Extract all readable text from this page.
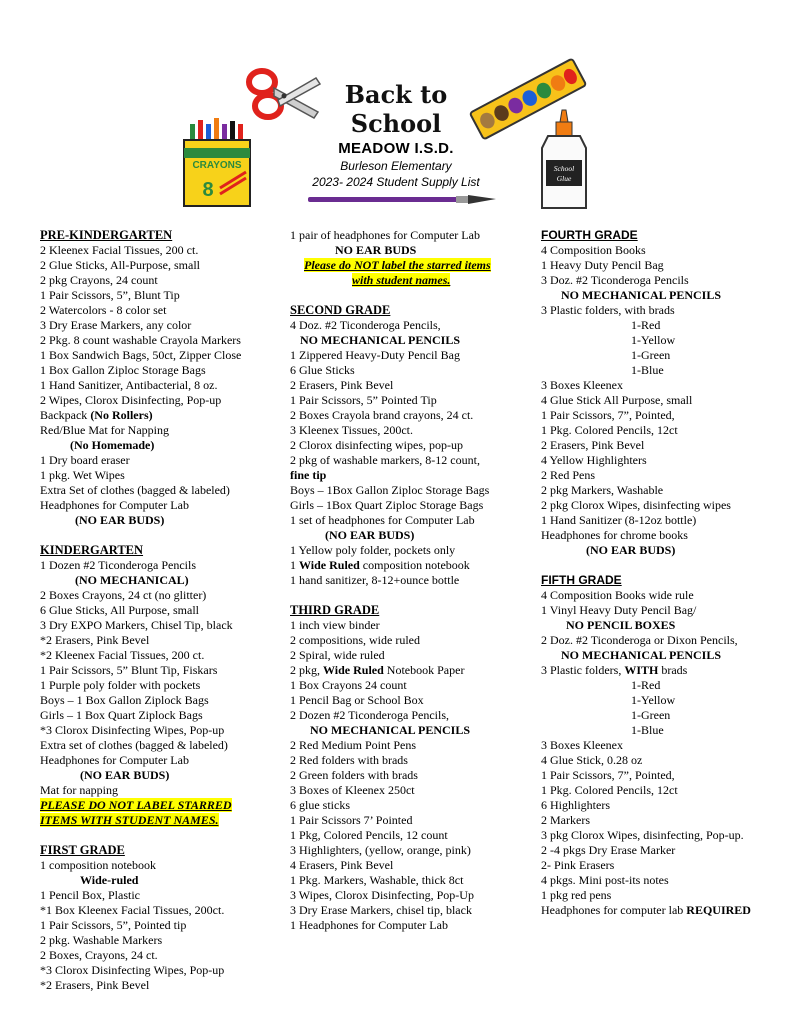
CRAYONS
8
School
Glue
Back to
School
MEADOW I.S.D.
Burleson Elementary
2023- 2024 Student Supply List
PRE-KINDERGARTEN
2 Kleenex Facial Tissues, 200 ct.
2 Glue Sticks, All-Purpose, small
2 pkg Crayons, 24 count
1 Pair Scissors, 5”, Blunt Tip
2 Watercolors - 8 color set
3 Dry Erase Markers, any color
2 Pkg. 8 count washable Crayola Markers
1 Box Sandwich Bags, 50ct, Zipper Close
1 Box Gallon Ziploc Storage Bags
1 Hand Sanitizer, Antibacterial, 8 oz.
2 Wipes, Clorox Disinfecting, Pop-up
Backpack (No Rollers)
Red/Blue Mat for Napping
(No Homemade)
1 Dry board eraser
1 pkg. Wet Wipes
Extra Set of clothes (bagged & labeled)
Headphones for Computer Lab
(NO EAR BUDS)
KINDERGARTEN
1 Dozen #2 Ticonderoga Pencils
(NO MECHANICAL)
2 Boxes Crayons, 24 ct (no glitter)
6 Glue Sticks, All Purpose, small
3 Dry EXPO Markers, Chisel Tip, black
*2 Erasers, Pink Bevel
*2 Kleenex Facial Tissues, 200 ct.
1 Pair Scissors, 5” Blunt Tip, Fiskars
1 Purple poly folder with pockets
Boys – 1 Box Gallon Ziplock Bags
Girls – 1 Box Quart Ziplock Bags
*3 Clorox Disinfecting Wipes, Pop-up
Extra set of clothes (bagged & labeled)
Headphones for Computer Lab
(NO EAR BUDS)
Mat for napping
PLEASE DO NOT LABEL STARRED
ITEMS WITH STUDENT NAMES.
FIRST GRADE
1 composition notebook
Wide-ruled
1 Pencil Box, Plastic
*1 Box Kleenex Facial Tissues, 200ct.
1 Pair Scissors, 5”, Pointed tip
2 pkg. Washable Markers
2 Boxes, Crayons, 24 ct.
*3 Clorox Disinfecting Wipes, Pop-up
*2 Erasers, Pink Bevel
1 pair of headphones for Computer Lab
NO EAR BUDS
Please do NOT label the starred items
with student names.
SECOND GRADE
4 Doz. #2 Ticonderoga Pencils,
NO MECHANICAL PENCILS
1 Zippered Heavy-Duty Pencil Bag
6 Glue Sticks
2 Erasers, Pink Bevel
1 Pair Scissors, 5” Pointed Tip
2 Boxes Crayola brand crayons, 24 ct.
3 Kleenex Tissues, 200ct.
2 Clorox disinfecting wipes, pop-up
2 pkg of washable markers, 8-12 count,
fine tip
Boys – 1Box Gallon Ziploc Storage Bags
Girls – 1Box Quart Ziploc Storage Bags
1 set of headphones for Computer Lab
(NO EAR BUDS)
1 Yellow poly folder, pockets only
1 Wide Ruled composition notebook
1 hand sanitizer, 8-12+ounce bottle
THIRD GRADE
1 inch view binder
2 compositions, wide ruled
2 Spiral, wide ruled
2 pkg, Wide Ruled Notebook Paper
1 Box Crayons 24 count
1 Pencil Bag or School Box
2 Dozen #2 Ticonderoga Pencils,
NO MECHANICAL PENCILS
2 Red Medium Point Pens
2 Red folders with brads
2 Green folders with brads
3 Boxes of Kleenex 250ct
6 glue sticks
1 Pair Scissors 7’ Pointed
1 Pkg, Colored Pencils, 12 count
3 Highlighters, (yellow, orange, pink)
4 Erasers, Pink Bevel
1 Pkg. Markers, Washable, thick 8ct
3 Wipes, Clorox Disinfecting, Pop-Up
3 Dry Erase Markers, chisel tip, black
1 Headphones for Computer Lab
FOURTH GRADE
4 Composition Books
1 Heavy Duty Pencil Bag
3 Doz. #2 Ticonderoga Pencils
NO MECHANICAL PENCILS
3 Plastic folders, with brads
1-Red
1-Yellow
1-Green
1-Blue
3 Boxes Kleenex
4 Glue Stick All Purpose, small
1 Pair Scissors, 7”, Pointed,
1 Pkg. Colored Pencils, 12ct
2 Erasers, Pink Bevel
4 Yellow Highlighters
2 Red Pens
2 pkg Markers, Washable
2 pkg Clorox Wipes, disinfecting wipes
1 Hand Sanitizer (8-12oz bottle)
Headphones for chrome books
(NO EAR BUDS)
FIFTH GRADE
4 Composition Books wide rule
1 Vinyl Heavy Duty Pencil Bag/
NO PENCIL BOXES
2 Doz. #2 Ticonderoga or Dixon Pencils,
NO MECHANICAL PENCILS
3 Plastic folders, WITH brads
1-Red
1-Yellow
1-Green
1-Blue
3 Boxes Kleenex
4 Glue Stick, 0.28 oz
1 Pair Scissors, 7”, Pointed,
1 Pkg. Colored Pencils, 12ct
6 Highlighters
2 Markers
3 pkg Clorox Wipes, disinfecting, Pop-up.
2 -4 pkgs Dry Erase Marker
2- Pink Erasers
4 pkgs. Mini post-its notes
1 pkg red pens
Headphones for computer lab REQUIRED
